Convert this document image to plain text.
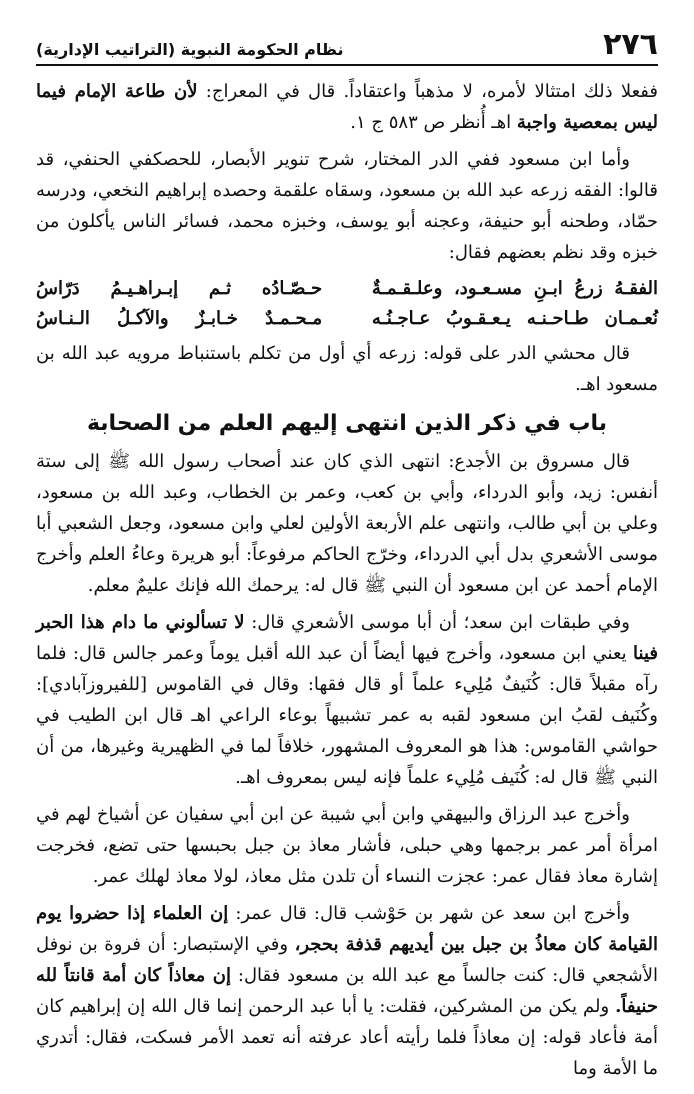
٢٧٦
نظام الحكومة النبوية (التراتيب الإدارية)

ففعلا ذلك امتثالا لأمره، لا مذهباً واعتقاداً. قال في المعراج: لأن طاعة الإمام فيما ليس بمعصية واجبة اهـ أُنظر ص ٥٨٣ ج ١.

وأما ابن مسعود ففي الدر المختار، شرح تنوير الأبصار، للحصكفي الحنفي، قد قالوا: الفقه زرعه عبد الله بن مسعود، وسقاه علقمة وحصده إبراهيم النخعي، ودرسه حمّاد، وطحنه أبو حنيفة، وعجنه أبو يوسف، وخبزه محمد، فسائر الناس يأكلون من خبزه وقد نظم بعضهم فقال:

الفقـهُ زرعُ ابـنِ مسـعـود، وعلـقـمـةٌ
حـصّـادُه ثـم إبـراهـيـمُ دَرّاسُ
نُعـمـان طـاحـنـه يـعـقـوبُ عـاجـنُـه
مـحـمـدٌ خـابـزٌ والآكـلُ الـنـاسُ

قال محشي الدر على قوله: زرعه أي أول من تكلم باستنباط مرويه عبد الله بن مسعود اهـ.

باب في ذكر الذين انتهى إليهم العلم من الصحابة

قال مسروق بن الأجدع: انتهى الذي كان عند أصحاب رسول الله ﷺ إلى ستة أنفس: زيد، وأبو الدرداء، وأبي بن كعب، وعمر بن الخطاب، وعبد الله بن مسعود، وعلي بن أبي طالب، وانتهى علم الأربعة الأولين لعلي وابن مسعود، وجعل الشعبي أبا موسى الأشعري بدل أبي الدرداء، وخرّج الحاكم مرفوعاً: أبو هريرة وعاءُ العلم وأخرج الإمام أحمد عن ابن مسعود أن النبي ﷺ قال له: يرحمك الله فإنك عليمٌ معلم.

وفي طبقات ابن سعد؛ أن أبا موسى الأشعري قال: لا تسألوني ما دام هذا الحبر فينا يعني ابن مسعود، وأخرج فيها أيضاً أن عبد الله أقبل يوماً وعمر جالس قال: فلما رآه مقبلاً قال: كُنَيفٌ مُلِيء علماً أو قال فقها: وقال في القاموس [للفيروزآبادي]: وكُنَيف لقبُ ابن مسعود لقبه به عمر تشبيهاً بوعاء الراعي اهـ قال ابن الطيب في حواشي القاموس: هذا هو المعروف المشهور، خلافاً لما في الظهيرية وغيرها، من أن النبي ﷺ قال له: كُنَيف مُلِيء علماً فإنه ليس بمعروف اهـ.

وأخرج عبد الرزاق والبيهقي وابن أبي شيبة عن ابن أبي سفيان عن أشياخ لهم في امرأة أمر عمر برجمها وهي حبلى، فأشار معاذ بن جبل بحبسها حتى تضع، فخرجت إشارة معاذ فقال عمر: عجزت النساء أن تلدن مثل معاذ، لولا معاذ لهلك عمر.

وأخرج ابن سعد عن شهر بن حَوْشب قال: قال عمر: إن العلماء إذا حضروا يوم القيامة كان معاذُ بن جبل بين أيديهم قذفة بحجر، وفي الإستبصار: أن فروة بن نوفل الأشجعي قال: كنت جالساً مع عبد الله بن مسعود فقال: إن معاذاً كان أمة قانتاً لله حنيفاً. ولم يكن من المشركين، فقلت: يا أبا عبد الرحمن إنما قال الله إن إبراهيم كان أمة فأعاد قوله: إن معاذاً فلما رأيته أعاد عرفته أنه تعمد الأمر فسكت، فقال: أتدري ما الأمة وما
